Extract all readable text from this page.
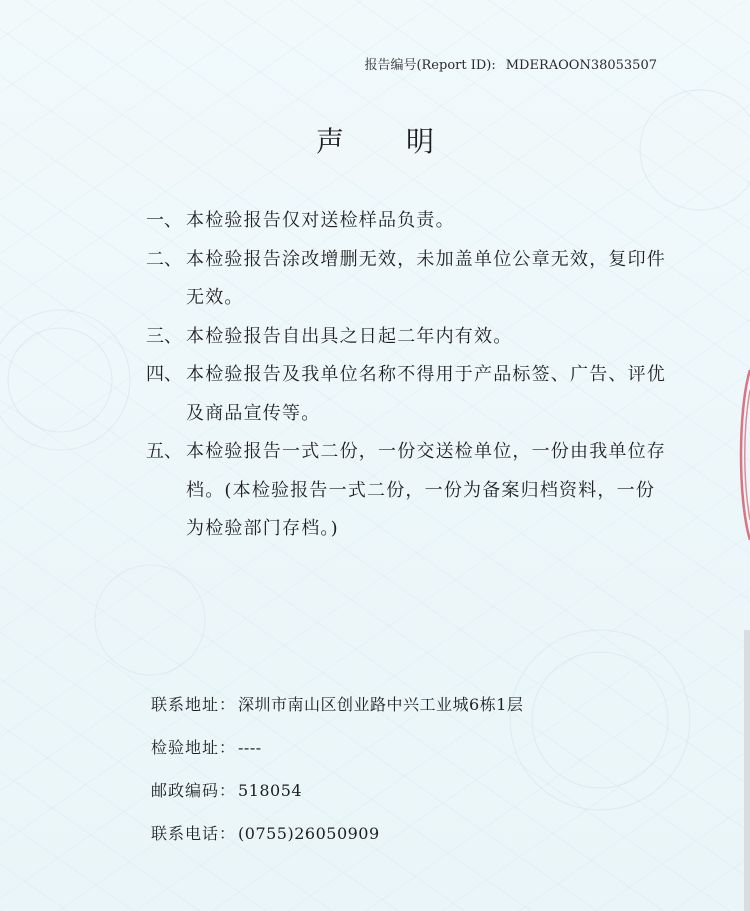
报告编号(Report ID): MDERAOON38053507
声明
一、 本检验报告仅对送检样品负责。
二、 本检验报告涂改增删无效，未加盖单位公章无效，复印件无效。
三、 本检验报告自出具之日起二年内有效。
四、 本检验报告及我单位名称不得用于产品标签、广告、评优及商品宣传等。
五、 本检验报告一式二份，一份交送检单位，一份由我单位存档。(本检验报告一式二份，一份为备案归档资料，一份为检验部门存档。)
联系地址： 深圳市南山区创业路中兴工业城6栋1层
检验地址： ----
邮政编码： 518054
联系电话： (0755)26050909
